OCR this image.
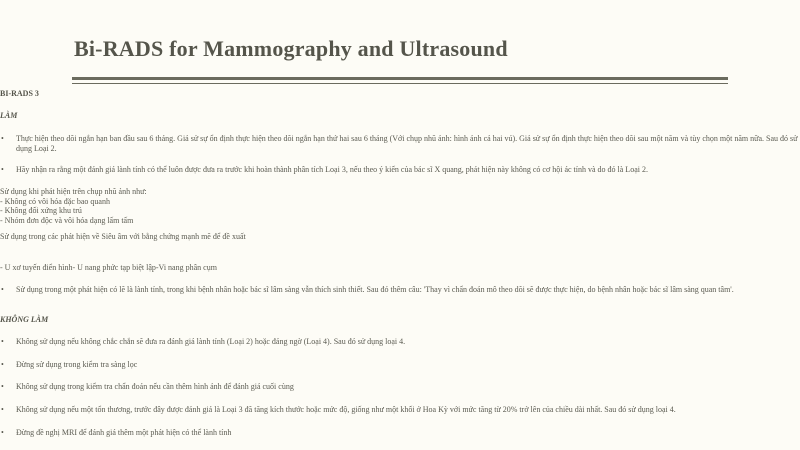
Bi-RADS for Mammography and Ultrasound

BI-RADS 3

LÀM

• Thực hiện theo dõi ngắn hạn ban đầu sau 6 tháng. Giả sử sự ổn định thực hiện theo dõi ngắn hạn thứ hai sau 6 tháng (Với chụp nhũ ảnh: hình ảnh cả hai vú). Giả sử sự ổn định thực hiện theo dõi sau một năm và tùy chọn một năm nữa. Sau đó sử dụng Loại 2.
• Hãy nhận ra rằng một đánh giá lành tính có thể luôn được đưa ra trước khi hoàn thành phân tích Loại 3, nếu theo ý kiến của bác sĩ X quang, phát hiện này không có cơ hội ác tính và do đó là Loại 2.
Sử dụng khi phát hiện trên chụp nhũ ảnh như:
- Không có vôi hóa đặc bao quanh
- Không đối xứng khu trú
- Nhóm đơn độc và vôi hóa dạng lấm tấm
Sử dụng trong các phát hiện về Siêu âm với bằng chứng mạnh mẽ để đề xuất
- U xơ tuyến điển hình- U nang phức tạp biệt lập-Vi nang phân cụm
• Sử dụng trong một phát hiện có lẽ là lành tính, trong khi bệnh nhân hoặc bác sĩ lâm sàng vẫn thích sinh thiết. Sau đó thêm câu: 'Thay vì chẩn đoán mô theo dõi sẽ được thực hiện, do bệnh nhân hoặc bác sĩ lâm sàng quan tâm'.

KHÔNG LÀM

• Không sử dụng nếu không chắc chắn sẽ đưa ra đánh giá lành tính (Loại 2) hoặc đáng ngờ (Loại 4). Sau đó sử dụng loại 4.
• Đừng sử dụng trong kiểm tra sàng lọc
• Không sử dụng trong kiểm tra chẩn đoán nếu cần thêm hình ảnh để đánh giá cuối cùng
• Không sử dụng nếu một tổn thương, trước đây được đánh giá là Loại 3 đã tăng kích thước hoặc mức độ, giống như một khối ở Hoa Kỳ với mức tăng từ 20% trở lên của chiều dài nhất. Sau đó sử dụng loại 4.
• Đừng đề nghị MRI để đánh giá thêm một phát hiện có thể lành tính
